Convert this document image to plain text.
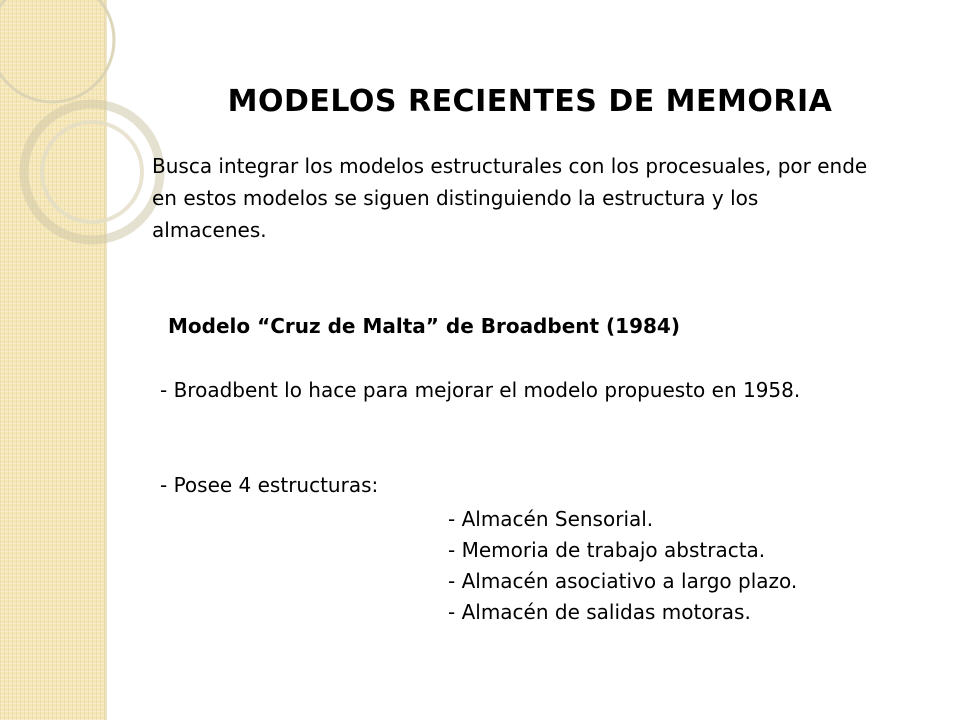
MODELOS RECIENTES DE MEMORIA
Busca integrar los modelos estructurales con los procesuales, por ende en estos modelos se siguen distinguiendo la estructura y los almacenes.
Modelo “Cruz de Malta” de Broadbent (1984)
- Broadbent lo hace para mejorar el modelo propuesto en 1958.
- Posee 4 estructuras:
- Almacén Sensorial.
- Memoria de trabajo abstracta.
- Almacén asociativo a largo plazo.
- Almacén de salidas motoras.
